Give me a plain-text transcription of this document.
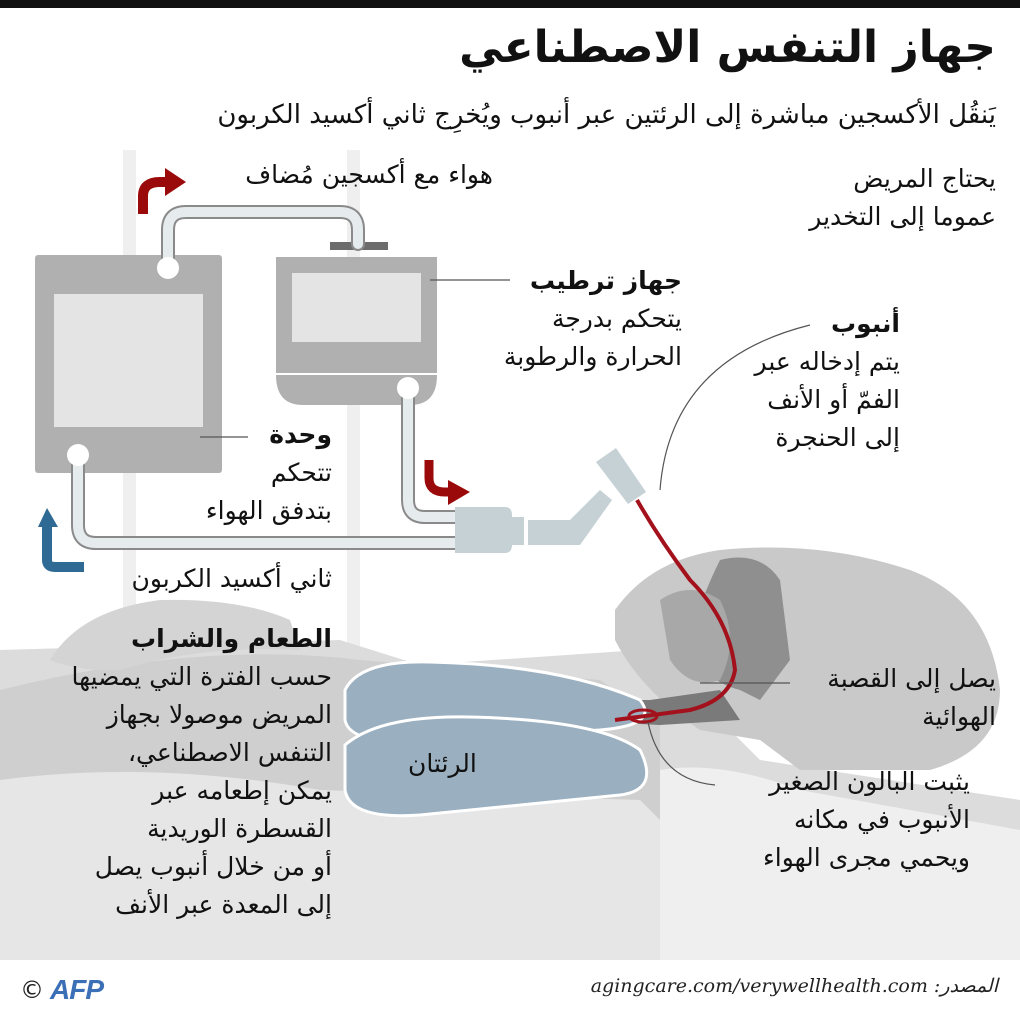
جهاز التنفس الاصطناعي
يَنقُل الأكسجين مباشرة إلى الرئتين عبر أنبوب ويُخرِج ثاني أكسيد الكربون
يحتاج المريض
عموما إلى التخدير
هواء مع أكسجين مُضاف
جهاز ترطيب
يتحكم بدرجة
الحرارة والرطوبة
أنبوب
يتم إدخاله عبر
الفمّ أو الأنف
إلى الحنجرة
وحدة
تتحكم
بتدفق الهواء
ثاني أكسيد الكربون
الطعام والشراب
حسب الفترة التي يمضيها
المريض موصولا بجهاز
التنفس الاصطناعي،
يمكن إطعامه عبر
القسطرة الوريدية
أو من خلال أنبوب يصل
إلى المعدة عبر الأنف
يصل إلى القصبة
الهوائية
يثبت البالون الصغير
الأنبوب في مكانه
ويحمي مجرى الهواء
الرئتان
المصدر: agingcare.com/verywellhealth.com
© AFP
